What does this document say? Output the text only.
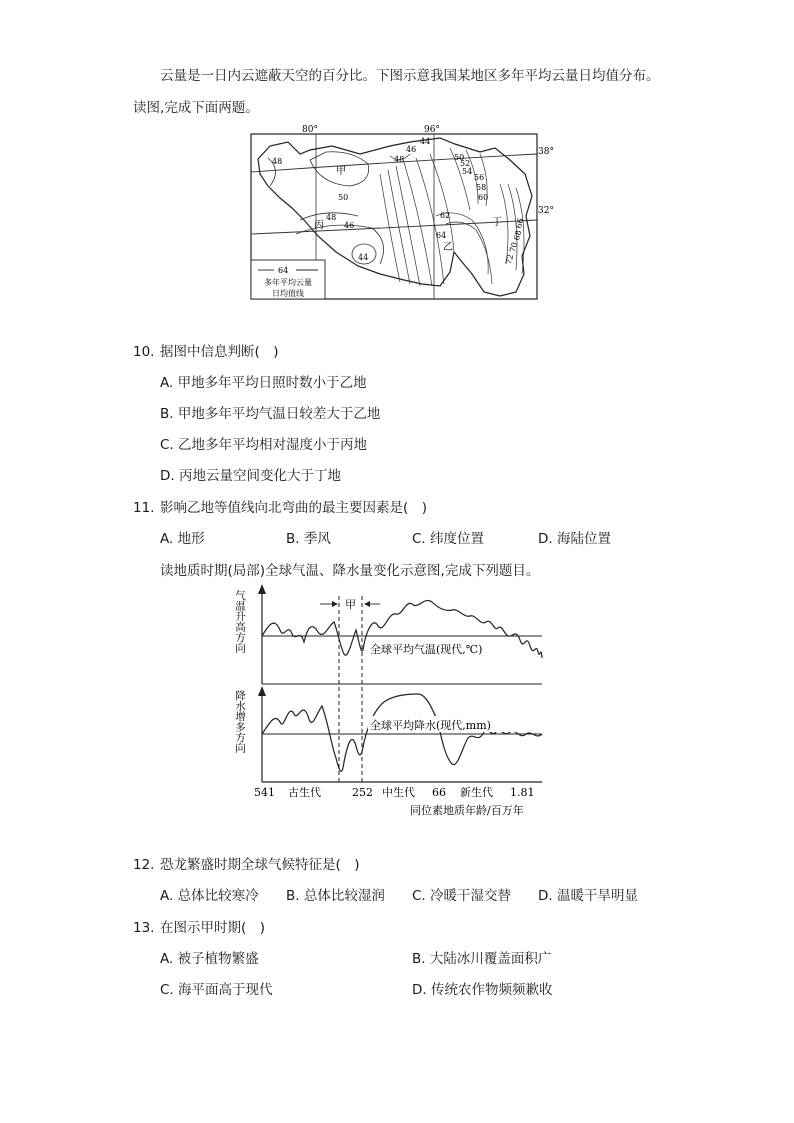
云量是一日内云遮蔽天空的百分比。下图示意我国某地区多年平均云量日均值分布。
读图,完成下面两题。
80°	96°
38°
32°
甲
丙
乙
丁
48
50
48
46
44
48
46
50
52
54
56
58
60
62
64
44
72
70
68
66
64
多年平均云量
日均值线
10. 据图中信息判断(　)
A. 甲地多年平均日照时数小于乙地
B. 甲地多年平均气温日较差大于乙地
C. 乙地多年平均相对湿度小于丙地
D. 丙地云量空间变化大于丁地
11. 影响乙地等值线向北弯曲的最主要因素是(　)
A. 地形	B. 季风	C. 纬度位置	D. 海陆位置
读地质时期(局部)全球气温、降水量变化示意图,完成下列题目。
甲
气温升高方向
降水增多方向
全球平均气温(现代,℃)
全球平均降水(现代,mm)
541 古生代	252 中生代 66 新生代 1.81
同位素地质年龄/百万年
12. 恐龙繁盛时期全球气候特征是(　)
A. 总体比较寒冷 B. 总体比较湿润 C. 冷暖干湿交替 D. 温暖干旱明显
13. 在图示甲时期(　)
A. 被子植物繁盛	B. 大陆冰川覆盖面积广
C. 海平面高于现代	D. 传统农作物频频歉收
